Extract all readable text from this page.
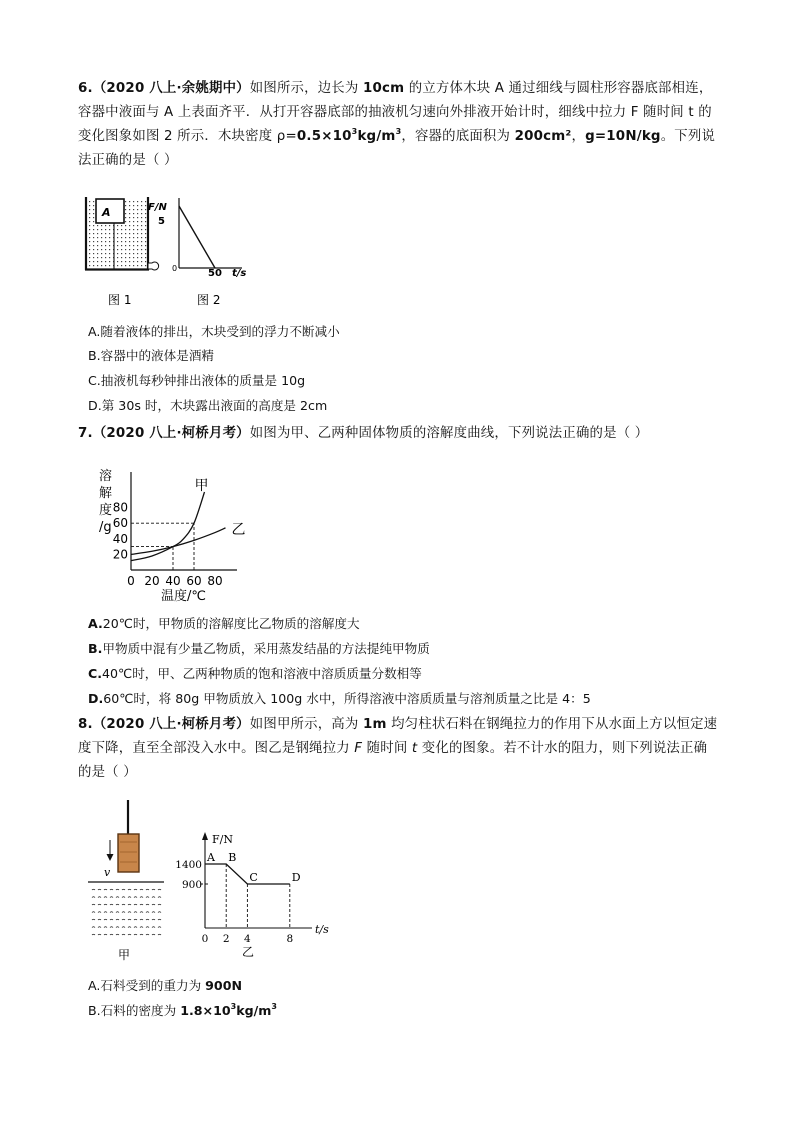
6.（2020 八上·余姚期中）如图所示，边长为 10cm 的立方体木块 A 通过细线与圆柱形容器底部相连，容器中液面与 A 上表面齐平．从打开容器底部的抽液机匀速向外排液开始计时，细线中拉力 F 随时间 t 的变化图象如图 2 所示．木块密度 $\rho=0.5\times 10^3kg/m^3$，容器的底面积为 200cm²，g=10N/kg。下列说法正确的是（ ）

A	F/N
5
0	50 t/s
图 1	图 2
A.随着液体的排出，木块受到的浮力不断减小
B.容器中的液体是酒精
C.抽液机每秒钟排出液体的质量是 10g
D.第 30s 时，木块露出液面的高度是 2cm

7.（2020 八上·柯桥月考）如图为甲、乙两种固体物质的溶解度曲线，下列说法正确的是（ ）

溶
解
度
/g
20
40
60
80
0 20 40 60 80
甲
乙
温度/℃
A.20℃时，甲物质的溶解度比乙物质的溶解度大
B.甲物质中混有少量乙物质，采用蒸发结晶的方法提纯甲物质
C.40℃时，甲、乙两种物质的饱和溶液中溶质质量分数相等
D.60℃时，将 80g 甲物质放入 100g 水中，所得溶液中溶质质量与溶剂质量之比是 4：5

8.（2020 八上·柯桥月考）如图甲所示，高为 1m 均匀柱状石料在钢绳拉力的作用下从水面上方以恒定速度下降，直至全部没入水中。图乙是钢绳拉力 F 随时间 t 变化的图象。若不计水的阻力，则下列说法正确的是（ ）

v
甲
1400
900
0 2 4	8
A B
C	D
F/N
t/s
乙
A.石料受到的重力为 900N
B.石料的密度为 $1.8\times 10^3kg/m^3$
